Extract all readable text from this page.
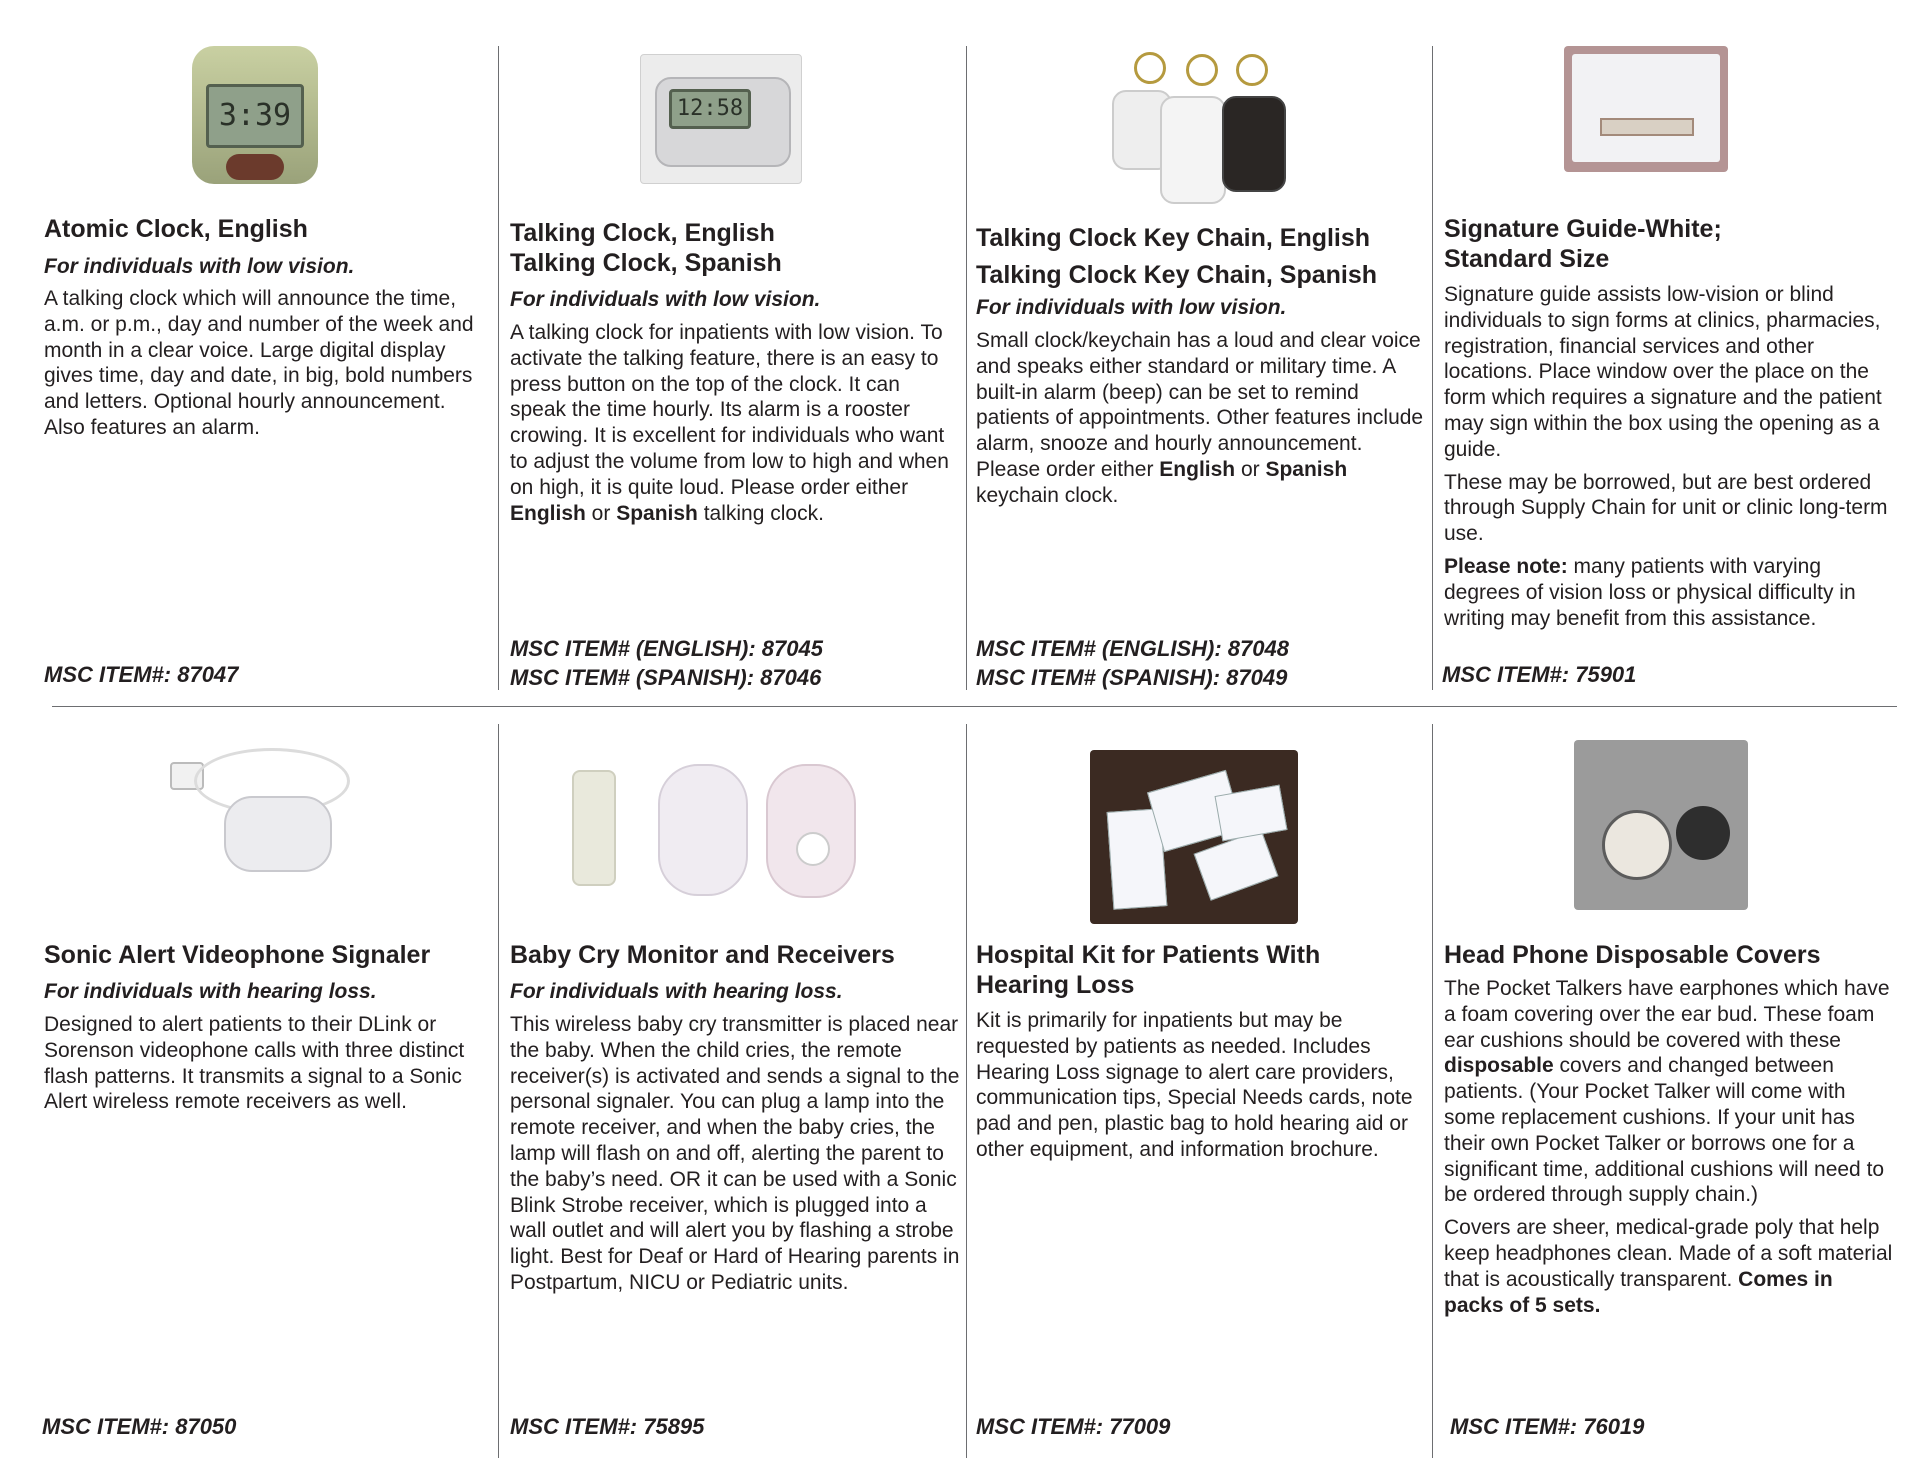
3:39
Atomic Clock, English
For individuals with low vision.

A talking clock which will announce the time, a.m. or p.m., day and number of the week and month in a clear voice. Large digital display gives time, day and date, in big, bold numbers and letters. Optional hourly announcement. Also features an alarm.

MSC ITEM#: 87047
12:58
Talking Clock, English
Talking Clock, Spanish
For individuals with low vision.

A talking clock for inpatients with low vision. To activate the talking feature, there is an easy to press button on the top of the clock. It can speak the time hourly. Its alarm is a rooster crowing. It is excellent for individuals who want to adjust the volume from low to high and when on high, it is quite loud. Please order either English or Spanish talking clock.

MSC ITEM# (ENGLISH): 87045
MSC ITEM# (SPANISH): 87046
Talking Clock Key Chain, English
Talking Clock Key Chain, Spanish
For individuals with low vision.

Small clock/keychain has a loud and clear voice and speaks either standard or military time. A built-in alarm (beep) can be set to remind patients of appointments. Other features include alarm, snooze and hourly announcement. Please order either English or Spanish keychain clock.

MSC ITEM# (ENGLISH): 87048
MSC ITEM# (SPANISH): 87049
Signature Guide-White;
Standard Size

Signature guide assists low-vision or blind individuals to sign forms at clinics, pharmacies, registration, financial services and other locations. Place window over the place on the form which requires a signature and the patient may sign within the box using the opening as a guide.

These may be borrowed, but are best ordered through Supply Chain for unit or clinic long-term use.

Please note: many patients with varying degrees of vision loss or physical difficulty in writing may benefit from this assistance.

MSC ITEM#: 75901
Sonic Alert Videophone Signaler
For individuals with hearing loss.

Designed to alert patients to their DLink or Sorenson videophone calls with three distinct flash patterns. It transmits a signal to a Sonic Alert wireless remote receivers as well.

MSC ITEM#: 87050
Baby Cry Monitor and Receivers
For individuals with hearing loss.

This wireless baby cry transmitter is placed near the baby. When the child cries, the remote receiver(s) is activated and sends a signal to the personal signaler. You can plug a lamp into the remote receiver, and when the baby cries, the lamp will flash on and off, alerting the parent to the baby’s need. OR it can be used with a Sonic Blink Strobe receiver, which is plugged into a wall outlet and will alert you by flashing a strobe light. Best for Deaf or Hard of Hearing parents in Postpartum, NICU or Pediatric units.

MSC ITEM#: 75895
Hospital Kit for Patients With
Hearing Loss

Kit is primarily for inpatients but may be requested by patients as needed. Includes Hearing Loss signage to alert care providers, communication tips, Special Needs cards, note pad and pen, plastic bag to hold hearing aid or other equipment, and information brochure.

MSC ITEM#: 77009
Head Phone Disposable Covers

The Pocket Talkers have earphones which have a foam covering over the ear bud. These foam ear cushions should be covered with these disposable covers and changed between patients. (Your Pocket Talker will come with some replacement cushions. If your unit has their own Pocket Talker or borrows one for a significant time, additional cushions will need to be ordered through supply chain.)

Covers are sheer, medical-grade poly that help keep headphones clean. Made of a soft material that is acoustically transparent. Comes in packs of 5 sets.

MSC ITEM#: 76019
